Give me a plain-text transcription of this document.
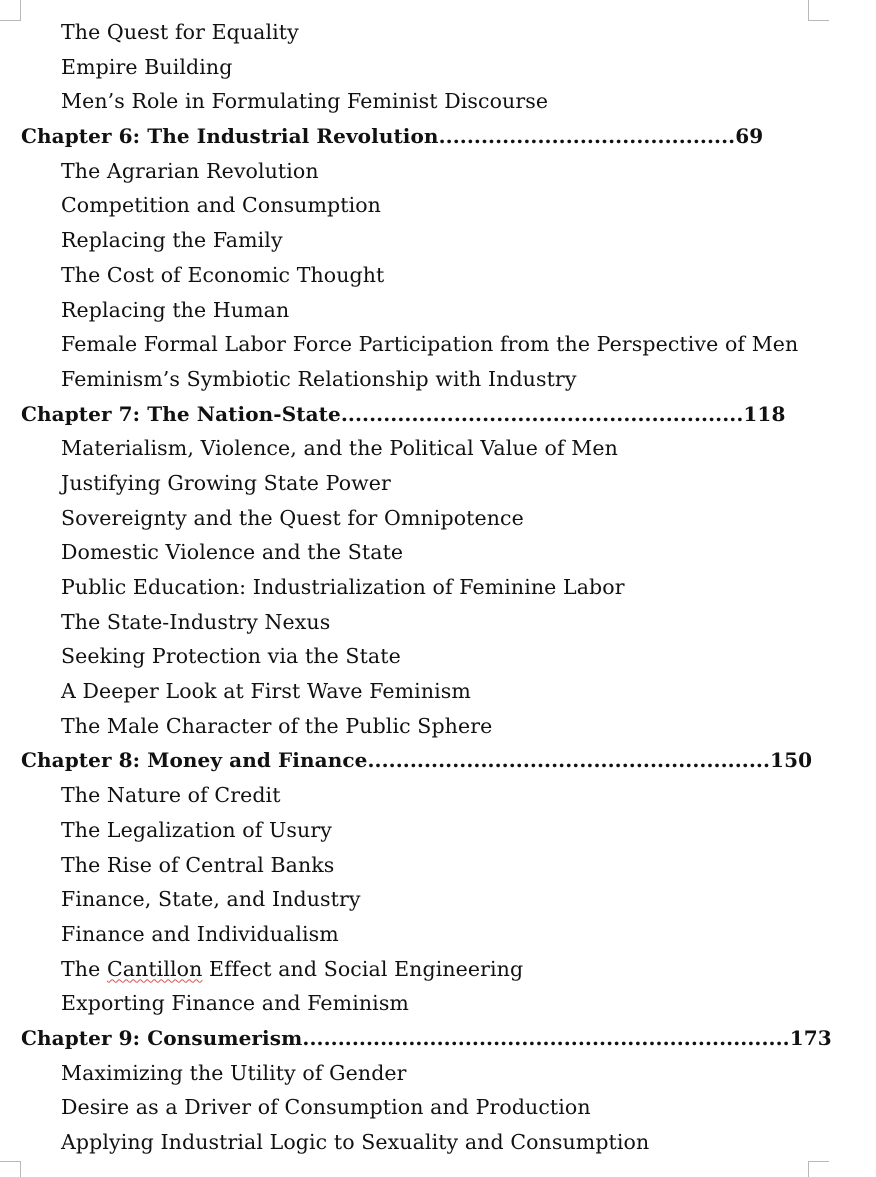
The Quest for Equality
Empire Building
Men’s Role in Formulating Feminist Discourse
Chapter 6: The Industrial Revolution..........................................69
The Agrarian Revolution
Competition and Consumption
Replacing the Family
The Cost of Economic Thought
Replacing the Human
Female Formal Labor Force Participation from the Perspective of Men
Feminism’s Symbiotic Relationship with Industry
Chapter 7: The Nation-State.........................................................118
Materialism, Violence, and the Political Value of Men
Justifying Growing State Power
Sovereignty and the Quest for Omnipotence
Domestic Violence and the State
Public Education: Industrialization of Feminine Labor
The State-Industry Nexus
Seeking Protection via the State
A Deeper Look at First Wave Feminism
The Male Character of the Public Sphere
Chapter 8: Money and Finance.........................................................150
The Nature of Credit
The Legalization of Usury
The Rise of Central Banks
Finance, State, and Industry
Finance and Individualism
The Cantillon Effect and Social Engineering
Exporting Finance and Feminism
Chapter 9: Consumerism.....................................................................173
Maximizing the Utility of Gender
Desire as a Driver of Consumption and Production
Applying Industrial Logic to Sexuality and Consumption
